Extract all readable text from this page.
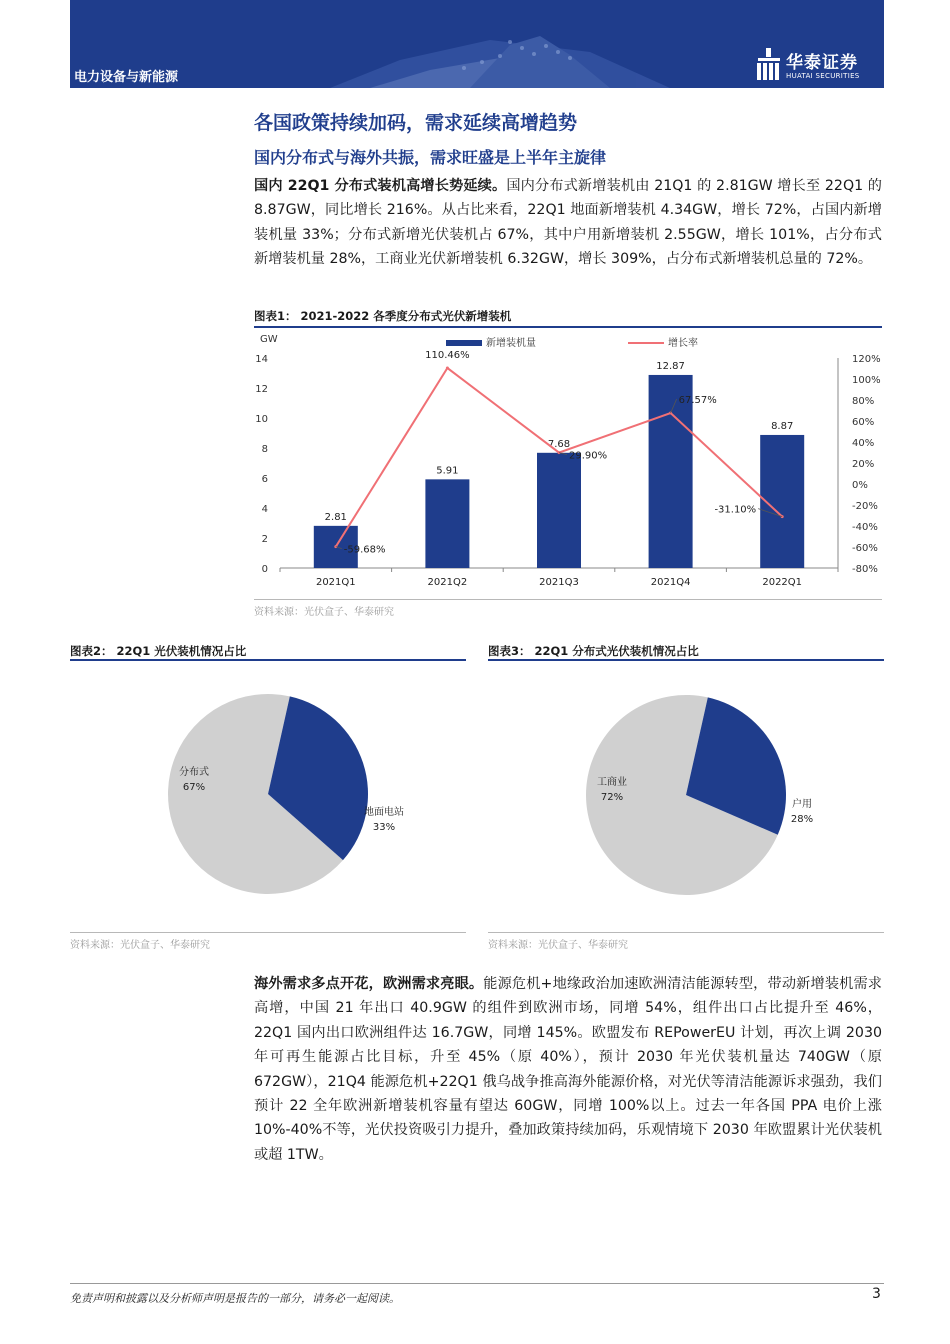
电力设备与新能源
华泰证券
HUATAI SECURITIES
各国政策持续加码，需求延续高增趋势
国内分布式与海外共振，需求旺盛是上半年主旋律
国内 22Q1 分布式装机高增长势延续。国内分布式新增装机由 21Q1 的 2.81GW 增长至 22Q1 的 8.87GW，同比增长 216%。从占比来看，22Q1 地面新增装机 4.34GW，增长 72%，占国内新增装机量 33%；分布式新增光伏装机占 67%，其中户用新增装机 2.55GW，增长 101%，占分布式新增装机量 28%，工商业光伏新增装机 6.32GW，增长 309%，占分布式新增装机总量的 72%。
图表1： 2021-2022 各季度分布式光伏新增装机
GW	新增装机量	增长率
0
2
4
6
8
10
12
14
-80%
-60%
-40%
-20%
0%
20%
40%
60%
80%
100%
120%
2.81
2021Q1
5.91
2021Q2
7.68
2021Q3
12.87
2021Q4
8.87
2022Q1
-59.68%
110.46%
29.90%
67.57%
-31.10%
资料来源：光伏盒子、华泰研究
图表2： 22Q1 光伏装机情况占比
分布式
67%
地面电站
33%
资料来源：光伏盒子、华泰研究
图表3： 22Q1 分布式光伏装机情况占比
工商业
72%
户用
28%
资料来源：光伏盒子、华泰研究
海外需求多点开花，欧洲需求亮眼。能源危机+地缘政治加速欧洲清洁能源转型，带动新增装机需求高增，中国 21 年出口 40.9GW 的组件到欧洲市场，同增 54%，组件出口占比提升至 46%，22Q1 国内出口欧洲组件达 16.7GW，同增 145%。欧盟发布 REPowerEU 计划，再次上调 2030 年可再生能源占比目标，升至 45%（原 40%），预计 2030 年光伏装机量达 740GW（原 672GW），21Q4 能源危机+22Q1 俄乌战争推高海外能源价格，对光伏等清洁能源诉求强劲，我们预计 22 全年欧洲新增装机容量有望达 60GW，同增 100%以上。过去一年各国 PPA 电价上涨 10%-40%不等，光伏投资吸引力提升，叠加政策持续加码，乐观情境下 2030 年欧盟累计光伏装机或超 1TW。
免责声明和披露以及分析师声明是报告的一部分，请务必一起阅读。	3
